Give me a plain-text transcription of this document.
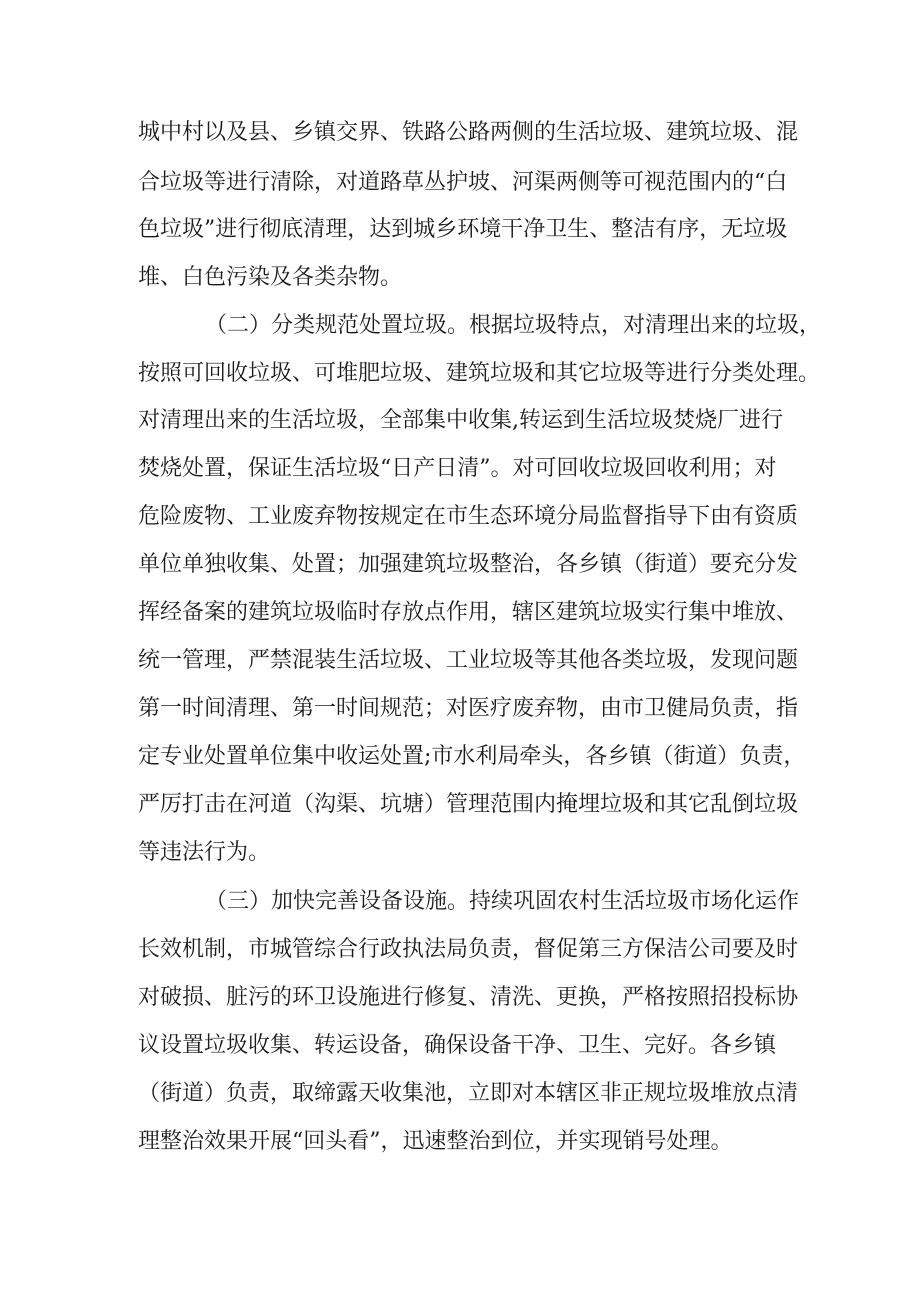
城中村以及县、乡镇交界、铁路公路两侧的生活垃圾、建筑垃圾、混
合垃圾等进行清除，对道路草丛护坡、河渠两侧等可视范围内的“白
色垃圾”进行彻底清理，达到城乡环境干净卫生、整洁有序，无垃圾
堆、白色污染及各类杂物。
（二）分类规范处置垃圾。根据垃圾特点，对清理出来的垃圾，
按照可回收垃圾、可堆肥垃圾、建筑垃圾和其它垃圾等进行分类处理。
对清理出来的生活垃圾，全部集中收集,转运到生活垃圾焚烧厂进行
焚烧处置，保证生活垃圾“日产日清”。对可回收垃圾回收利用；对
危险废物、工业废弃物按规定在市生态环境分局监督指导下由有资质
单位单独收集、处置；加强建筑垃圾整治，各乡镇（街道）要充分发
挥经备案的建筑垃圾临时存放点作用，辖区建筑垃圾实行集中堆放、
统一管理，严禁混装生活垃圾、工业垃圾等其他各类垃圾，发现问题
第一时间清理、第一时间规范；对医疗废弃物，由市卫健局负责，指
定专业处置单位集中收运处置;市水利局牵头，各乡镇（街道）负责，
严厉打击在河道（沟渠、坑塘）管理范围内掩埋垃圾和其它乱倒垃圾
等违法行为。
（三）加快完善设备设施。持续巩固农村生活垃圾市场化运作
长效机制，市城管综合行政执法局负责，督促第三方保洁公司要及时
对破损、脏污的环卫设施进行修复、清洗、更换，严格按照招投标协
议设置垃圾收集、转运设备，确保设备干净、卫生、完好。各乡镇
（街道）负责，取缔露天收集池，立即对本辖区非正规垃圾堆放点清
理整治效果开展“回头看”，迅速整治到位，并实现销号处理。
